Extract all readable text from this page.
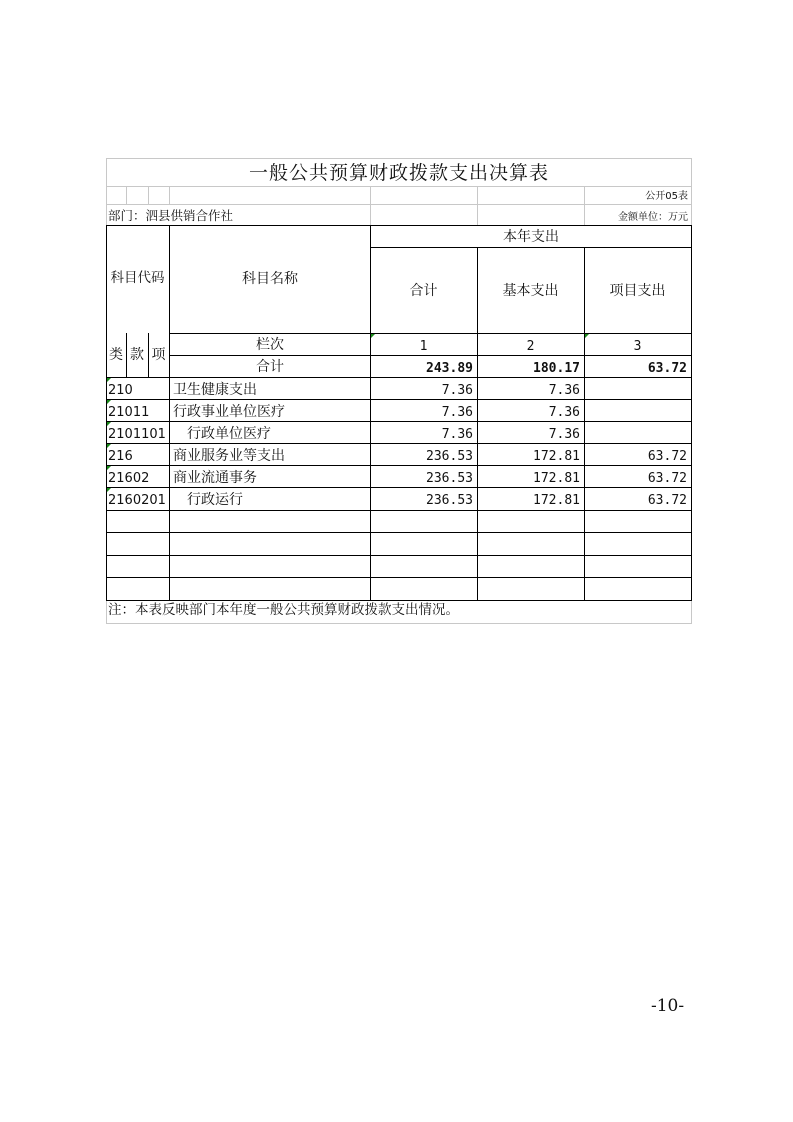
一般公共预算财政拨款支出决算表
公开05表
部门：泗县供销合作社	金额单位：万元
科目代码	科目名称
本年支出
合计	基本支出	项目支出
类 款 项
栏次	1	2	3
合计	243.89	180.17	63.72
210	卫生健康支出	7.36	7.36
21011 行政事业单位医疗	7.36	7.36
2101101 行政单位医疗	7.36	7.36
216	商业服务业等支出	236.53	172.81	63.72
21602 商业流通事务	236.53	172.81	63.72
2160201 行政运行	236.53	172.81	63.72
注：本表反映部门本年度一般公共预算财政拨款支出情况。
-10-
